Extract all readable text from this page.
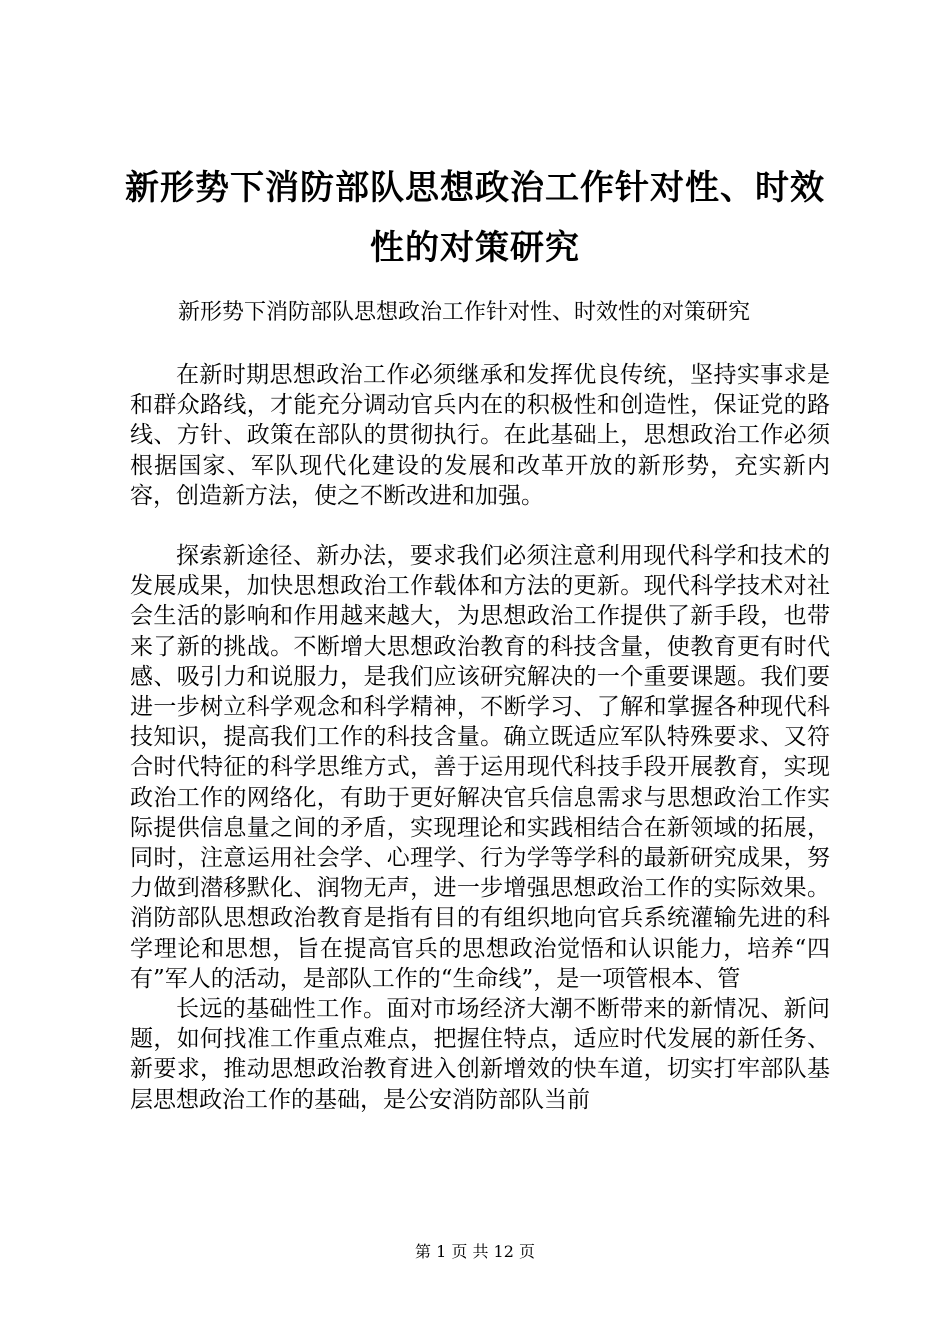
新形势下消防部队思想政治工作针对性、时效性的对策研究
新形势下消防部队思想政治工作针对性、时效性的对策研究

在新时期思想政治工作必须继承和发挥优良传统，坚持实事求是和群众路线，才能充分调动官兵内在的积极性和创造性，保证党的路线、方针、政策在部队的贯彻执行。在此基础上，思想政治工作必须根据国家、军队现代化建设的发展和改革开放的新形势，充实新内容，创造新方法，使之不断改进和加强。

探索新途径、新办法，要求我们必须注意利用现代科学和技术的发展成果，加快思想政治工作载体和方法的更新。现代科学技术对社会生活的影响和作用越来越大，为思想政治工作提供了新手段，也带来了新的挑战。不断增大思想政治教育的科技含量，使教育更有时代感、吸引力和说服力，是我们应该研究解决的一个重要课题。我们要进一步树立科学观念和科学精神，不断学习、了解和掌握各种现代科技知识，提高我们工作的科技含量。确立既适应军队特殊要求、又符合时代特征的科学思维方式，善于运用现代科技手段开展教育，实现政治工作的网络化，有助于更好解决官兵信息需求与思想政治工作实际提供信息量之间的矛盾，实现理论和实践相结合在新领域的拓展，同时，注意运用社会学、心理学、行为学等学科的最新研究成果，努力做到潜移默化、润物无声，进一步增强思想政治工作的实际效果。消防部队思想政治教育是指有目的有组织地向官兵系统灌输先进的科学理论和思想，旨在提高官兵的思想政治觉悟和认识能力，培养“四有”军人的活动，是部队工作的“生命线”，是一项管根本、管

长远的基础性工作。面对市场经济大潮不断带来的新情况、新问题，如何找准工作重点难点，把握住特点，适应时代发展的新任务、新要求，推动思想政治教育进入创新增效的快车道，切实打牢部队基层思想政治工作的基础，是公安消防部队当前

第 1 页 共 12 页
